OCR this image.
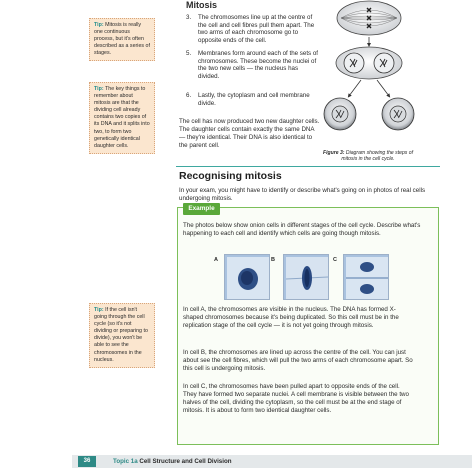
Mitosis
3.	The chromosomes line up at the centre of the cell and cell fibres pull them apart. The two arms of each chromosome go to opposite ends of the cell.
5.	Membranes form around each of the sets of chromosomes. These become the nuclei of the two new cells — the nucleus has divided.
6.	Lastly, the cytoplasm and cell membrane divide.
The cell has now produced two new daughter cells. The daughter cells contain exactly the same DNA — they're identical. Their DNA is also identical to the parent cell.
Figure 3: Diagram showing the steps of mitosis in the cell cycle.
Tip: Mitosis is really one continuous process, but it's often described as a series of stages.
Tip: The key things to remember about mitosis are that the dividing cell already contains two copies of its DNA and it splits into two, to form two genetically identical daughter cells.
Tip: If the cell isn't going through the cell cycle (so it's not dividing or preparing to divide), you won't be able to see the chromosomes in the nucleus.
Recognising mitosis
In your exam, you might have to identify or describe what's going on in photos of real cells undergoing mitosis.
Example
The photos below show onion cells in different stages of the cell cycle. Describe what's happening to each cell and identify which cells are going though mitosis.
A	B	C
In cell A, the chromosomes are visible in the nucleus. The DNA has formed X-shaped chromosomes because it's being duplicated. So this cell must be in the replication stage of the cell cycle — it is not yet going through mitosis.
In cell B, the chromosomes are lined up across the centre of the cell. You can just about see the cell fibres, which will pull the two arms of each chromosome apart. So this cell is undergoing mitosis.
In cell C, the chromosomes have been pulled apart to opposite ends of the cell. They have formed two separate nuclei. A cell membrane is visible between the two halves of the cell, dividing the cytoplasm, so the cell must be at the end stage of mitosis. It is about to form two identical daughter cells.
36	Topic 1a Cell Structure and Cell Division
